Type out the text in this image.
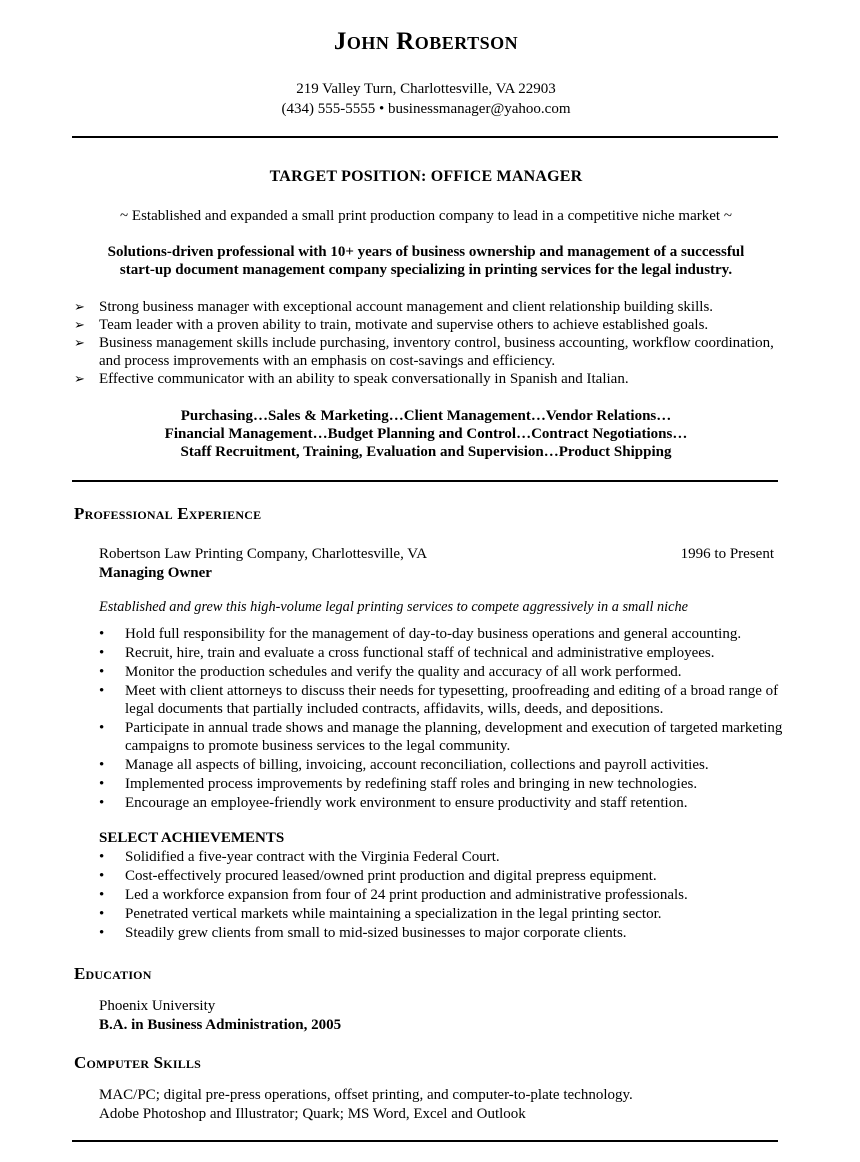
John Robertson
219 Valley Turn, Charlottesville, VA 22903
(434) 555-5555 • businessmanager@yahoo.com
TARGET POSITION: OFFICE MANAGER
~ Established and expanded a small print production company to lead in a competitive niche market ~
Solutions-driven professional with 10+ years of business ownership and management of a successful
start-up document management company specializing in printing services for the legal industry.
➢ Strong business manager with exceptional account management and client relationship building skills.
➢ Team leader with a proven ability to train, motivate and supervise others to achieve established goals.
➢ Business management skills include purchasing, inventory control, business accounting, workflow coordination, and process improvements with an emphasis on cost-savings and efficiency.
➢ Effective communicator with an ability to speak conversationally in Spanish and Italian.
Purchasing…Sales & Marketing…Client Management…Vendor Relations…
Financial Management…Budget Planning and Control…Contract Negotiations…
Staff Recruitment, Training, Evaluation and Supervision…Product Shipping
Professional Experience
Robertson Law Printing Company, Charlottesville, VA	1996 to Present
Managing Owner
Established and grew this high-volume legal printing services to compete aggressively in a small niche
• Hold full responsibility for the management of day-to-day business operations and general accounting.
• Recruit, hire, train and evaluate a cross functional staff of technical and administrative employees.
• Monitor the production schedules and verify the quality and accuracy of all work performed.
• Meet with client attorneys to discuss their needs for typesetting, proofreading and editing of a broad range of legal documents that partially included contracts, affidavits, wills, deeds, and depositions.
• Participate in annual trade shows and manage the planning, development and execution of targeted marketing campaigns to promote business services to the legal community.
• Manage all aspects of billing, invoicing, account reconciliation, collections and payroll activities.
• Implemented process improvements by redefining staff roles and bringing in new technologies.
• Encourage an employee-friendly work environment to ensure productivity and staff retention.
SELECT ACHIEVEMENTS
• Solidified a five-year contract with the Virginia Federal Court.
• Cost-effectively procured leased/owned print production and digital prepress equipment.
• Led a workforce expansion from four of 24 print production and administrative professionals.
• Penetrated vertical markets while maintaining a specialization in the legal printing sector.
• Steadily grew clients from small to mid-sized businesses to major corporate clients.
Education
Phoenix University
B.A. in Business Administration, 2005
Computer Skills
MAC/PC; digital pre-press operations, offset printing, and computer-to-plate technology.
Adobe Photoshop and Illustrator; Quark; MS Word, Excel and Outlook
